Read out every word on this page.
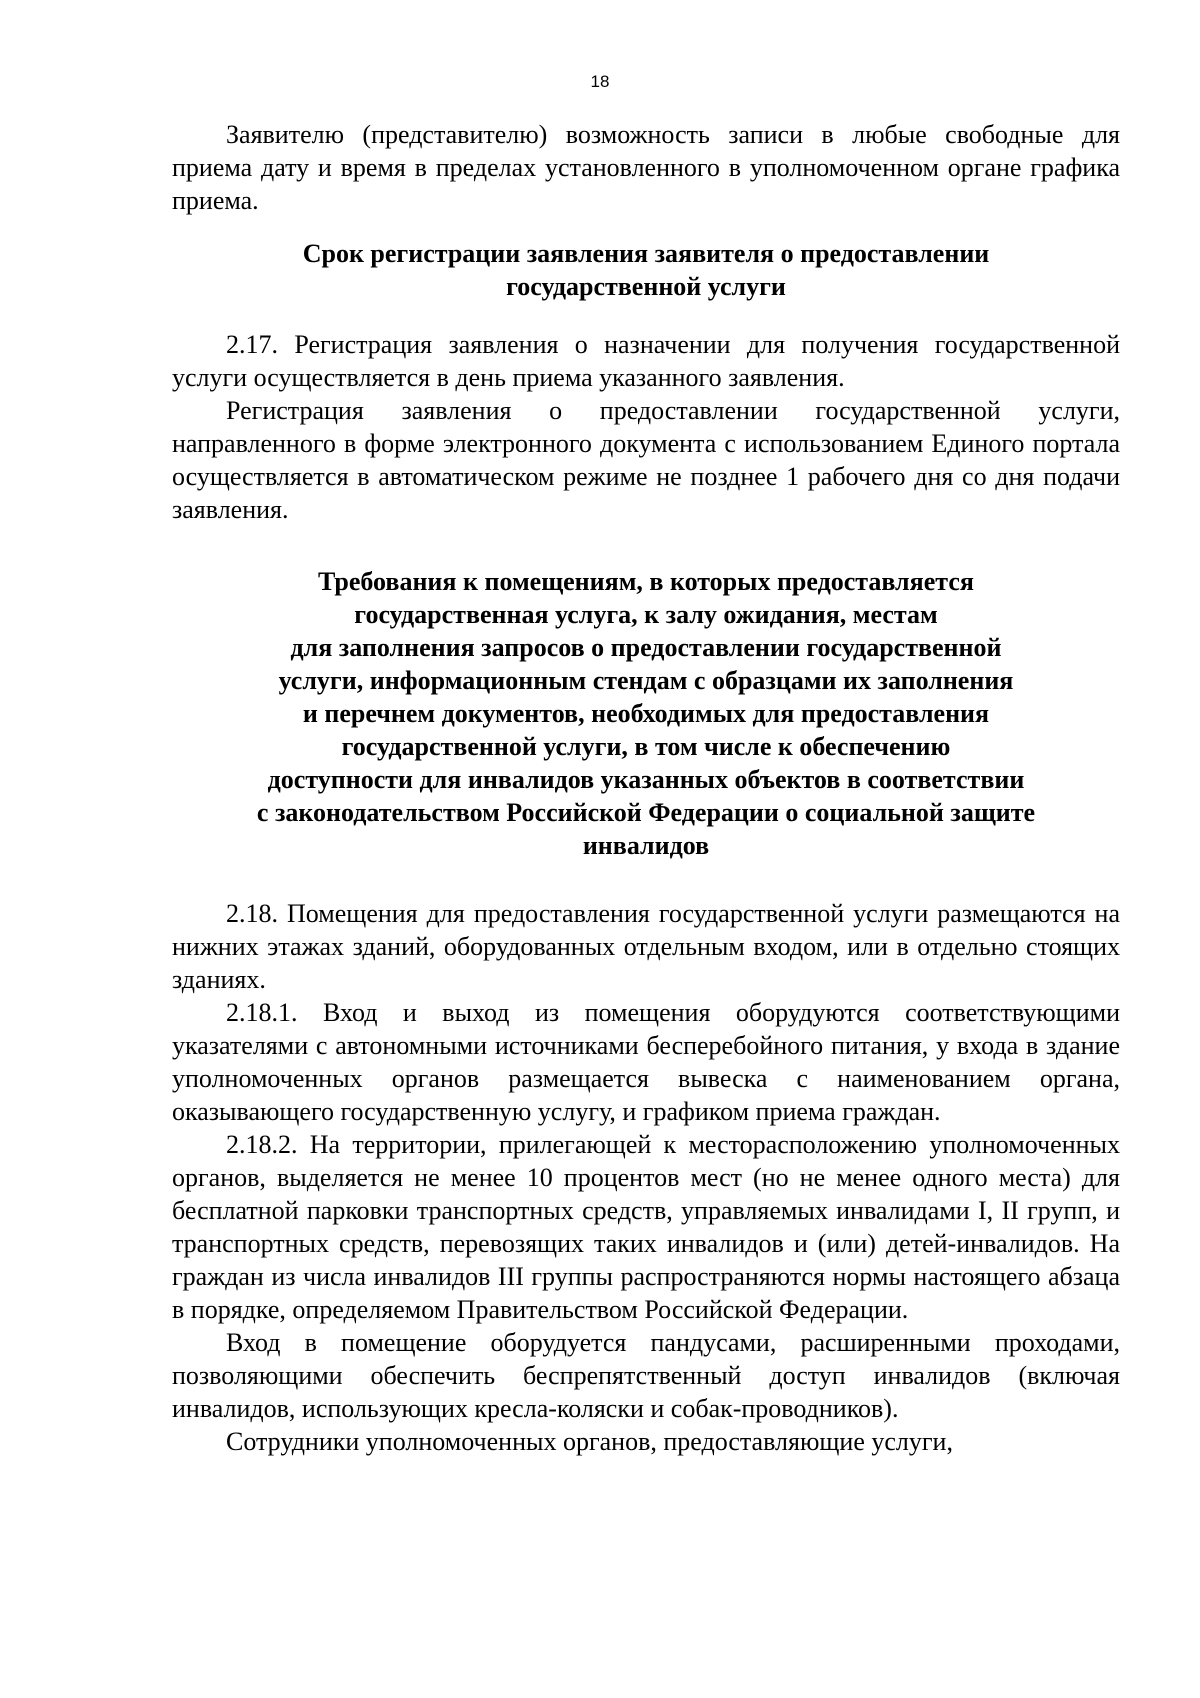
18

Заявителю (представителю) возможность записи в любые свободные для приема дату и время в пределах установленного в уполномоченном органе графика приема.

Срок регистрации заявления заявителя о предоставлении
государственной услуги

2.17. Регистрация заявления о назначении для получения государственной услуги осуществляется в день приема указанного заявления.

Регистрация заявления о предоставлении государственной услуги, направленного в форме электронного документа с использованием Единого портала осуществляется в автоматическом режиме не позднее 1 рабочего дня со дня подачи заявления.

Требования к помещениям, в которых предоставляется
государственная услуга, к залу ожидания, местам
для заполнения запросов о предоставлении государственной
услуги, информационным стендам с образцами их заполнения
и перечнем документов, необходимых для предоставления
государственной услуги, в том числе к обеспечению
доступности для инвалидов указанных объектов в соответствии
с законодательством Российской Федерации о социальной защите
инвалидов

2.18. Помещения для предоставления государственной услуги размещаются на нижних этажах зданий, оборудованных отдельным входом, или в отдельно стоящих зданиях.

2.18.1. Вход и выход из помещения оборудуются соответствующими указателями с автономными источниками бесперебойного питания, у входа в здание уполномоченных органов размещается вывеска с наименованием органа, оказывающего государственную услугу, и графиком приема граждан.

2.18.2. На территории, прилегающей к месторасположению уполномоченных органов, выделяется не менее 10 процентов мест (но не менее одного места) для бесплатной парковки транспортных средств, управляемых инвалидами I, II групп, и транспортных средств, перевозящих таких инвалидов и (или) детей-инвалидов. На граждан из числа инвалидов III группы распространяются нормы настоящего абзаца в порядке, определяемом Правительством Российской Федерации.

Вход в помещение оборудуется пандусами, расширенными проходами, позволяющими обеспечить беспрепятственный доступ инвалидов (включая инвалидов, использующих кресла-коляски и собак-проводников).

Сотрудники уполномоченных органов, предоставляющие услуги,
